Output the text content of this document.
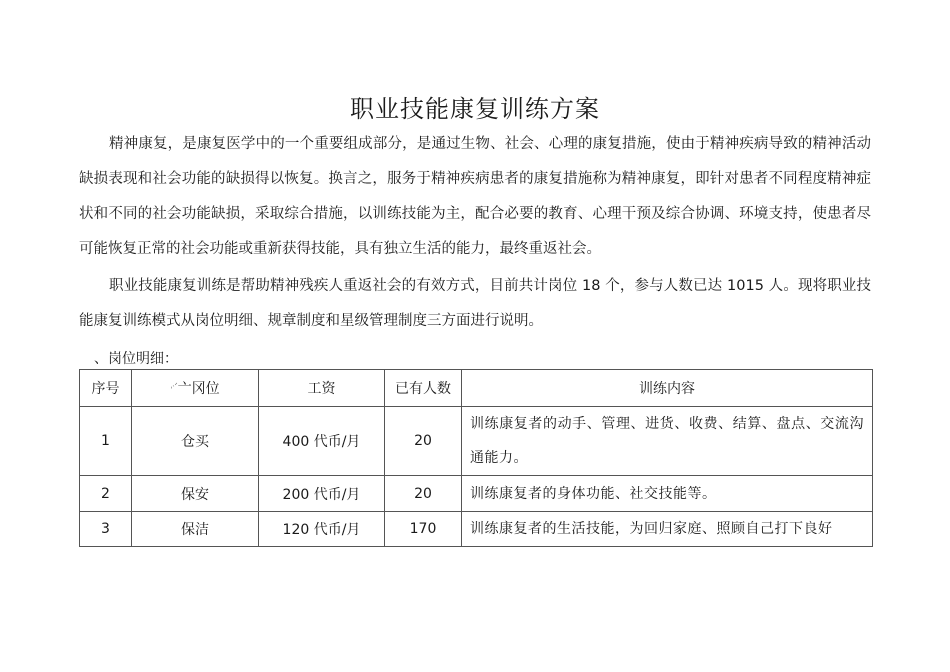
职业技能康复训练方案

精神康复，是康复医学中的一个重要组成部分，是通过生物、社会、心理的康复措施，使由于精神疾病导致的精神活动缺损表现和社会功能的缺损得以恢复。换言之，服务于精神疾病患者的康复措施称为精神康复，即针对患者不同程度精神症状和不同的社会功能缺损，采取综合措施，以训练技能为主，配合必要的教育、心理干预及综合协调、环境支持，使患者尽可能恢复正常的社会功能或重新获得技能，具有独立生活的能力，最终重返社会。

职业技能康复训练是帮助精神残疾人重返社会的有效方式，目前共计岗位 18 个，参与人数已达 1015 人。现将职业技能康复训练模式从岗位明细、规章制度和星级管理制度三方面进行说明。

、岗位明细：
序号	$^{ˌ˴ᐟ}$亠冈位	工资	已有人数	训练内容
1	仓买	400 代币/月	20	训练康复者的动手、管理、进货、收费、结算、盘点、交流沟通能力。
2	保安	200 代币/月	20	训练康复者的身体功能、社交技能等。
3	保洁	120 代币/月	170	训练康复者的生活技能，为回归家庭、照顾自己打下良好
